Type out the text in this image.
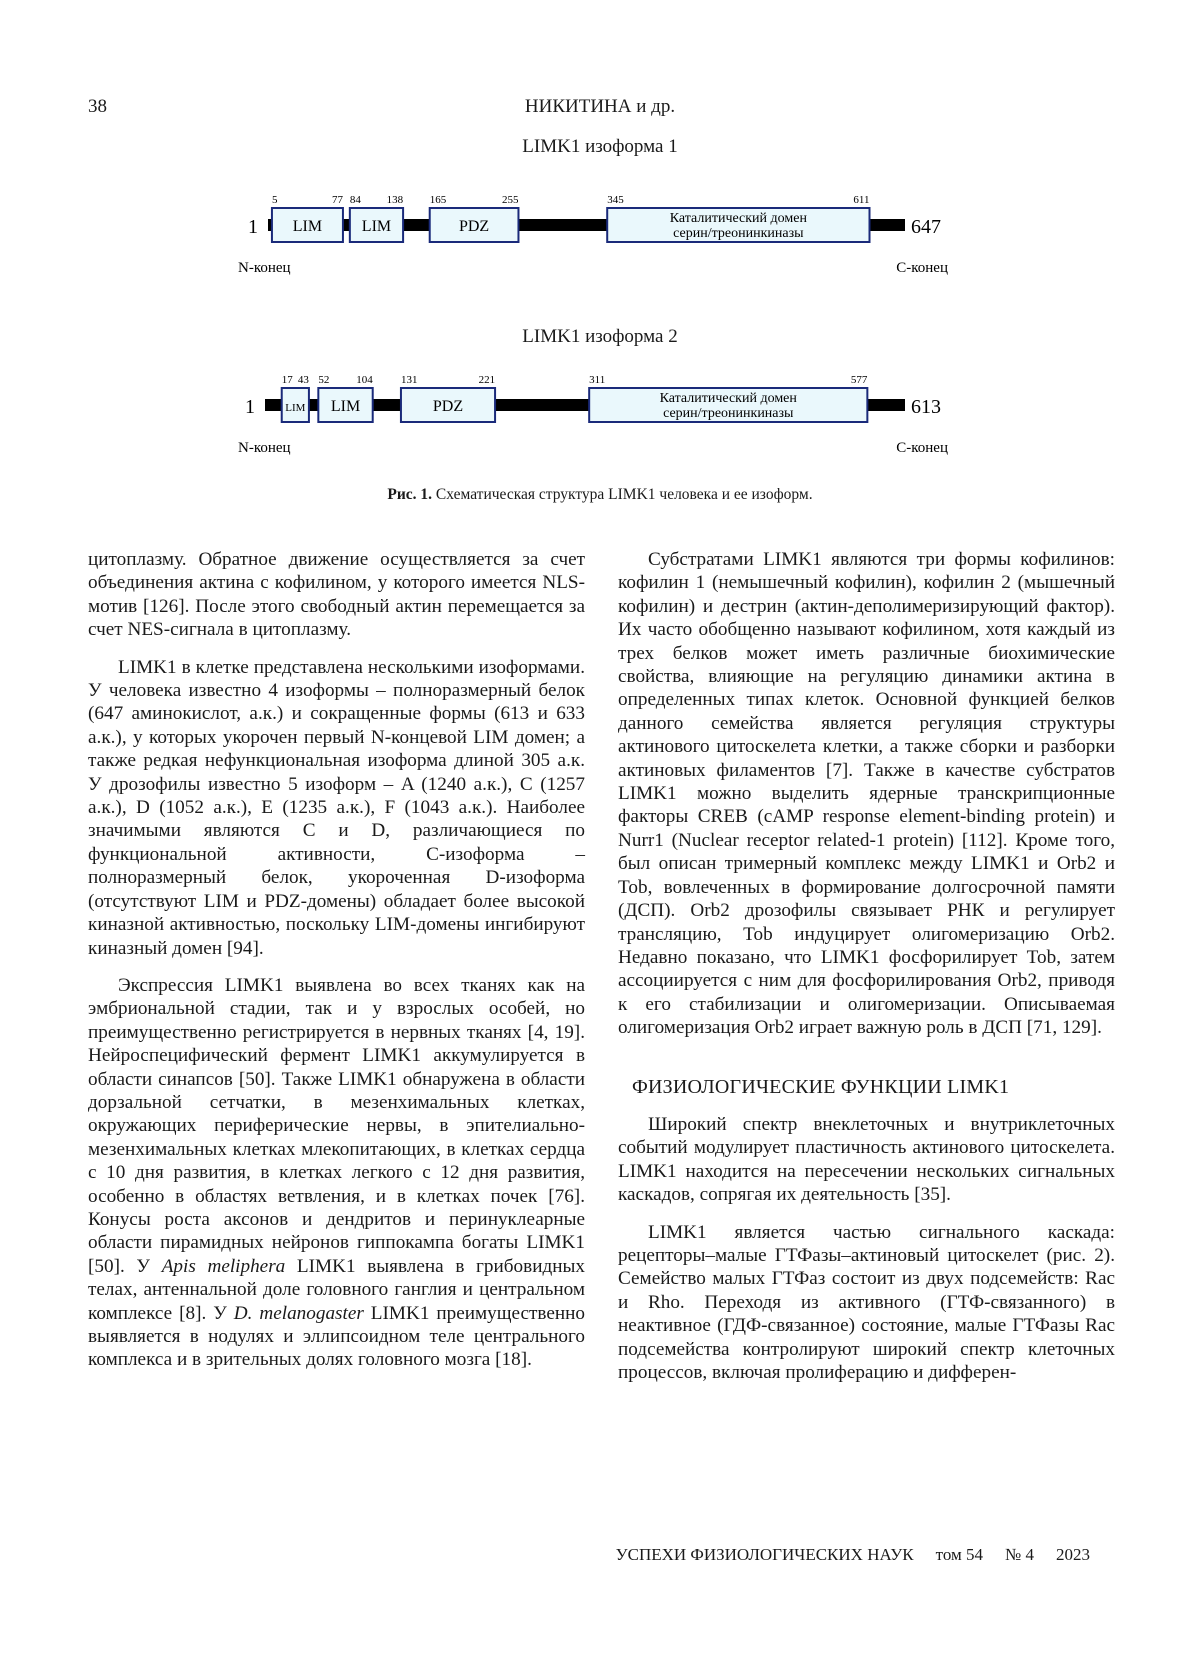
38	НИКИТИНА и др.
LIMK1 изоформа 1
1	647
LIM
5	77
LIM
84 138
PDZ
165	255
Каталитический домен
серин/треонинкиназы
345	611
N-конец	C-конец
LIMK1 изоформа 2
1	613
LIM
17 43
LIM
52 104
PDZ
131	221
Каталитический домен
серин/треонинкиназы
311	577
N-конец	C-конец
Рис. 1. Схематическая структура LIMK1 человека и ее изоформ.

цитоплазму. Обратное движение осуществляется за счет объединения актина с кофилином, у которого имеется NLS-мотив [126]. После этого свободный актин перемещается за счет NES-сигнала в цитоплазму.

LIMK1 в клетке представлена несколькими изоформами. У человека известно 4 изоформы – полноразмерный белок (647 аминокислот, а.к.) и сокращенные формы (613 и 633 а.к.), у которых укорочен первый N-концевой LIM домен; а также редкая нефункциональная изоформа длиной 305 а.к. У дрозофилы известно 5 изоформ – A (1240 а.к.), C (1257 а.к.), D (1052 а.к.), E (1235 а.к.), F (1043 а.к.). Наиболее значимыми являются C и D, различающиеся по функциональной активности, C-изоформа – полноразмерный белок, укороченная D-изоформа (отсутствуют LIM и PDZ-домены) обладает более высокой киназной активностью, поскольку LIM-домены ингибируют киназный домен [94].

Экспрессия LIMK1 выявлена во всех тканях как на эмбриональной стадии, так и у взрослых особей, но преимущественно регистрируется в нервных тканях [4, 19]. Нейроспецифический фермент LIMK1 аккумулируется в области синапсов [50]. Также LIMK1 обнаружена в области дорзальной сетчатки, в мезенхимальных клетках, окружающих периферические нервы, в эпителиально-мезенхимальных клетках млекопитающих, в клетках сердца с 10 дня развития, в клетках легкого с 12 дня развития, особенно в областях ветвления, и в клетках почек [76]. Конусы роста аксонов и дендритов и перинуклеарные области пирамидных нейронов гиппокампа богаты LIMK1 [50]. У Apis meliphera LIMK1 выявлена в грибовидных телах, антеннальной доле головного ганглия и центральном комплексе [8]. У D. melanogaster LIMK1 преимущественно выявляется в нодулях и эллипсоидном теле центрального комплекса и в зрительных долях головного мозга [18].

Субстратами LIMK1 являются три формы кофилинов: кофилин 1 (немышечный кофилин), кофилин 2 (мышечный кофилин) и дестрин (актин-деполимеризирующий фактор). Их часто обобщенно называют кофилином, хотя каждый из трех белков может иметь различные биохимические свойства, влияющие на регуляцию динамики актина в определенных типах клеток. Основной функцией белков данного семейства является регуляция структуры актинового цитоскелета клетки, а также сборки и разборки актиновых филаментов [7]. Также в качестве субстратов LIMK1 можно выделить ядерные транскрипционные факторы CREB (cAMP response element-binding protein) и Nurr1 (Nuclear receptor related-1 protein) [112]. Кроме того, был описан тримерный комплекс между LIMK1 и Orb2 и Tob, вовлеченных в формирование долгосрочной памяти (ДСП). Orb2 дрозофилы связывает РНК и регулирует трансляцию, Tob индуцирует олигомеризацию Orb2. Недавно показано, что LIMK1 фосфорилирует Tob, затем ассоциируется с ним для фосфорилирования Orb2, приводя к его стабилизации и олигомеризации. Описываемая олигомеризация Orb2 играет важную роль в ДСП [71, 129].

ФИЗИОЛОГИЧЕСКИЕ ФУНКЦИИ LIMK1

Широкий спектр внеклеточных и внутриклеточных событий модулирует пластичность актинового цитоскелета. LIMK1 находится на пересечении нескольких сигнальных каскадов, сопрягая их деятельность [35].

LIMK1 является частью сигнального каскада: рецепторы–малые ГТФазы–актиновый цитоскелет (рис. 2). Семейство малых ГТФаз состоит из двух подсемейств: Rac и Rho. Переходя из активного (ГТФ-связанного) в неактивное (ГДФ-связанное) состояние, малые ГТФазы Rac подсемейства контролируют широкий спектр клеточных процессов, включая пролиферацию и дифферен-

УСПЕХИ ФИЗИОЛОГИЧЕСКИХ НАУК том 54 № 4 2023
